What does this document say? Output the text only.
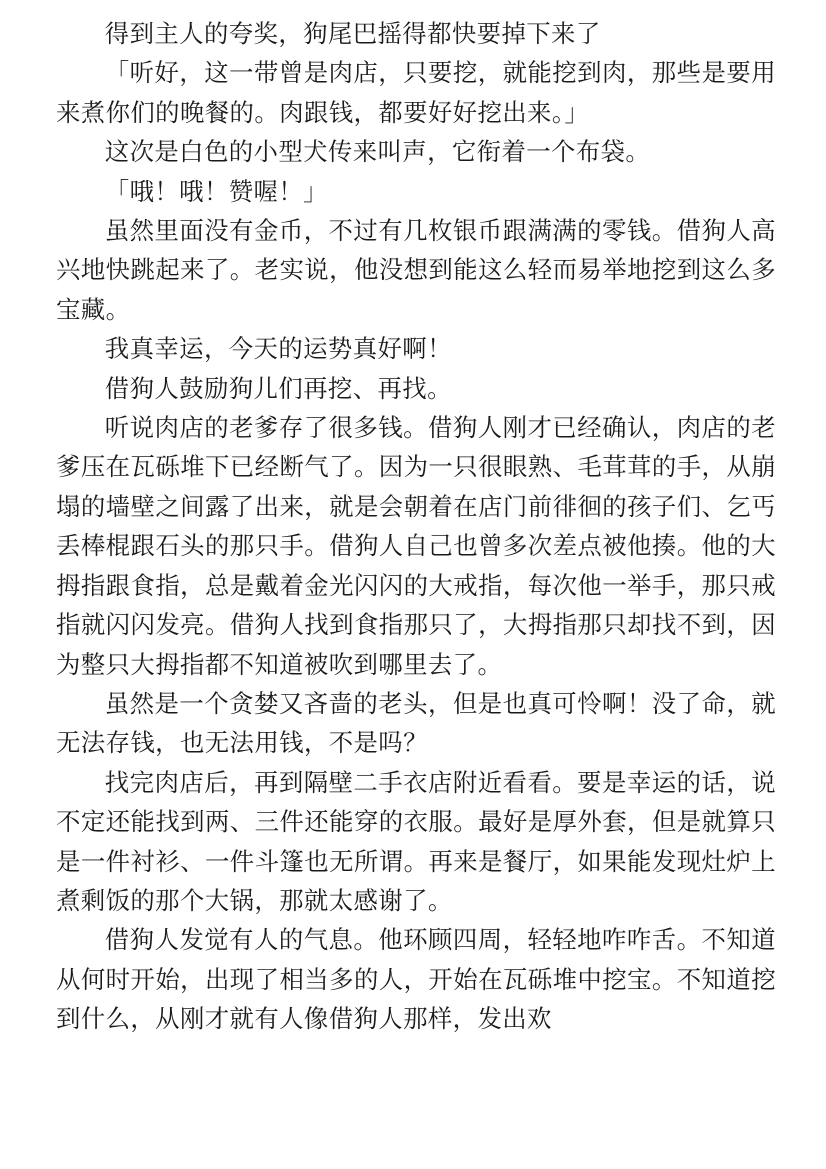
得到主人的夸奖，狗尾巴摇得都快要掉下来了

「听好，这一带曾是肉店，只要挖，就能挖到肉，那些是要用来煮你们的晚餐的。肉跟钱，都要好好挖出来。」

这次是白色的小型犬传来叫声，它衔着一个布袋。

「哦！哦！赞喔！」

虽然里面没有金币，不过有几枚银币跟满满的零钱。借狗人高兴地快跳起来了。老实说，他没想到能这么轻而易举地挖到这么多宝藏。

我真幸运，今天的运势真好啊！

借狗人鼓励狗儿们再挖、再找。

听说肉店的老爹存了很多钱。借狗人刚才已经确认，肉店的老爹压在瓦砾堆下已经断气了。因为一只很眼熟、毛茸茸的手，从崩塌的墙壁之间露了出来，就是会朝着在店门前徘徊的孩子们、乞丐丢棒棍跟石头的那只手。借狗人自己也曾多次差点被他揍。他的大拇指跟食指，总是戴着金光闪闪的大戒指，每次他一举手，那只戒指就闪闪发亮。借狗人找到食指那只了，大拇指那只却找不到，因为整只大拇指都不知道被吹到哪里去了。

虽然是一个贪婪又吝啬的老头，但是也真可怜啊！没了命，就无法存钱，也无法用钱，不是吗？

找完肉店后，再到隔壁二手衣店附近看看。要是幸运的话，说不定还能找到两、三件还能穿的衣服。最好是厚外套，但是就算只是一件衬衫、一件斗篷也无所谓。再来是餐厅，如果能发现灶炉上煮剩饭的那个大锅，那就太感谢了。

借狗人发觉有人的气息。他环顾四周，轻轻地咋咋舌。不知道从何时开始，出现了相当多的人，开始在瓦砾堆中挖宝。不知道挖到什么，从刚才就有人像借狗人那样，发出欢
